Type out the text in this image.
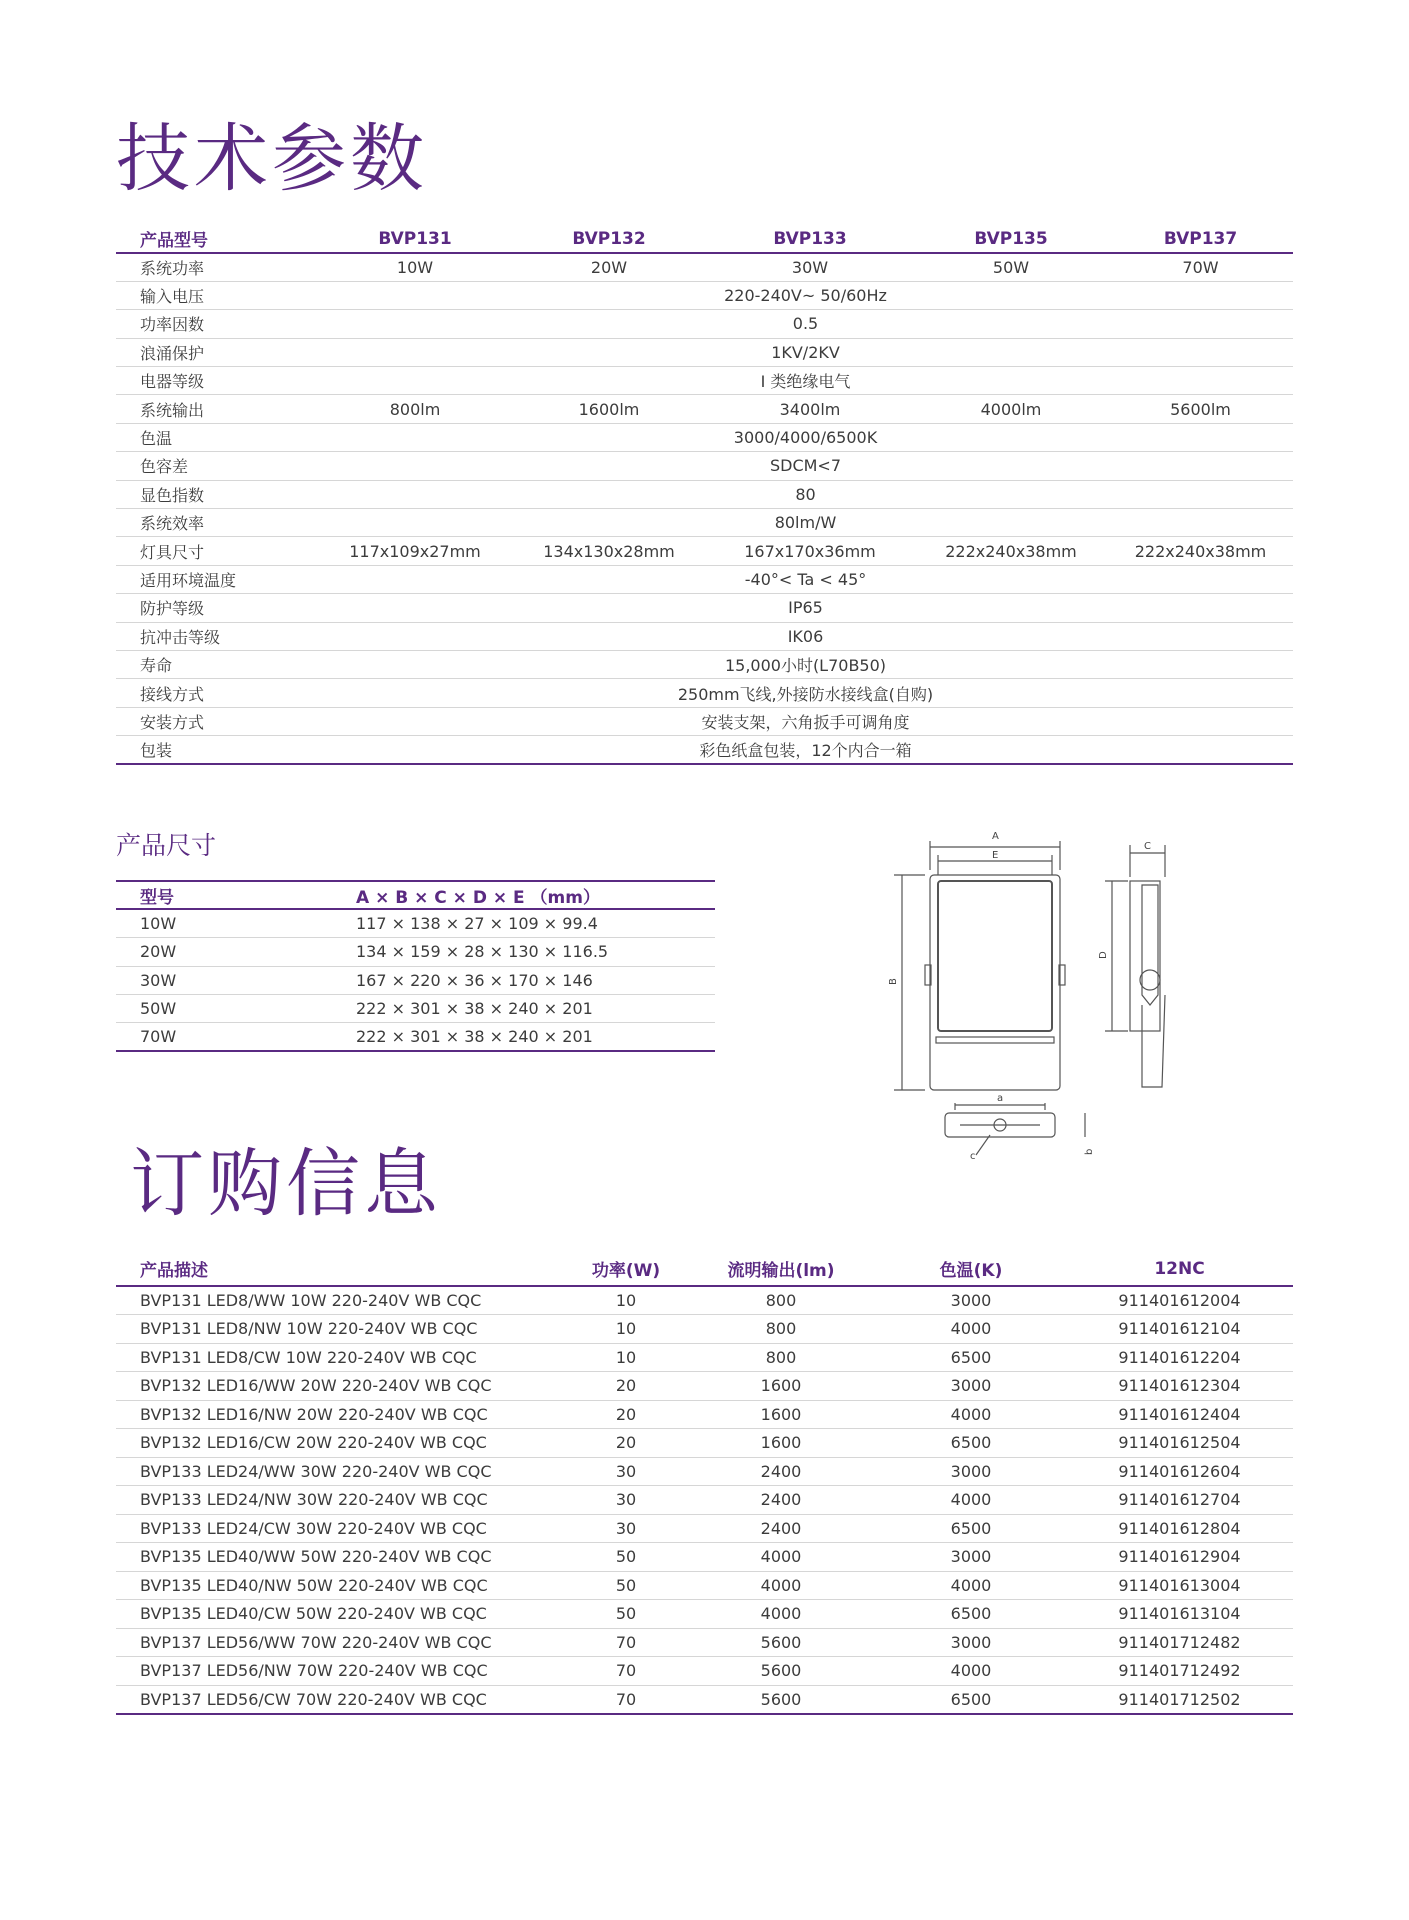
技术参数
产品型号	BVP131	BVP132	BVP133	BVP135	BVP137
系统功率	10W	20W	30W	50W	70W
输入电压	220-240V~ 50/60Hz				
功率因数	0.5				
浪涌保护	1KV/2KV				
电器等级	I 类绝缘电气				
系统输出	800lm	1600lm	3400lm	4000lm	5600lm
色温	3000/4000/6500K				
色容差	SDCM<7				
显色指数	80				
系统效率	80lm/W				
灯具尺寸	117x109x27mm	134x130x28mm	167x170x36mm	222x240x38mm	222x240x38mm
适用环境温度	-40°< Ta < 45°				
防护等级	IP65				
抗冲击等级	IK06				
寿命	15,000小时(L70B50)				
接线方式	250mm飞线,外接防水接线盒(自购)				
安装方式	安装支架，六角扳手可调角度				
包装	彩色纸盒包装，12个内合一箱				
产品尺寸
型号	A × B × C × D × E （mm）
10W	117 × 138 × 27 × 109 × 99.4
20W	134 × 159 × 28 × 130 × 116.5
30W	167 × 220 × 36 × 170 × 146
50W	222 × 301 × 38 × 240 × 201
70W	222 × 301 × 38 × 240 × 201
A
E
B
C
D
a
b
c
订购信息
产品描述	功率(W)	流明输出(lm)	色温(K)	12NC
BVP131 LED8/WW 10W 220-240V WB CQC	10	800	3000	911401612004
BVP131 LED8/NW 10W 220-240V WB CQC	10	800	4000	911401612104
BVP131 LED8/CW 10W 220-240V WB CQC	10	800	6500	911401612204
BVP132 LED16/WW 20W 220-240V WB CQC	20	1600	3000	911401612304
BVP132 LED16/NW 20W 220-240V WB CQC	20	1600	4000	911401612404
BVP132 LED16/CW 20W 220-240V WB CQC	20	1600	6500	911401612504
BVP133 LED24/WW 30W 220-240V WB CQC	30	2400	3000	911401612604
BVP133 LED24/NW 30W 220-240V WB CQC	30	2400	4000	911401612704
BVP133 LED24/CW 30W 220-240V WB CQC	30	2400	6500	911401612804
BVP135 LED40/WW 50W 220-240V WB CQC	50	4000	3000	911401612904
BVP135 LED40/NW 50W 220-240V WB CQC	50	4000	4000	911401613004
BVP135 LED40/CW 50W 220-240V WB CQC	50	4000	6500	911401613104
BVP137 LED56/WW 70W 220-240V WB CQC	70	5600	3000	911401712482
BVP137 LED56/NW 70W 220-240V WB CQC	70	5600	4000	911401712492
BVP137 LED56/CW 70W 220-240V WB CQC	70	5600	6500	911401712502
